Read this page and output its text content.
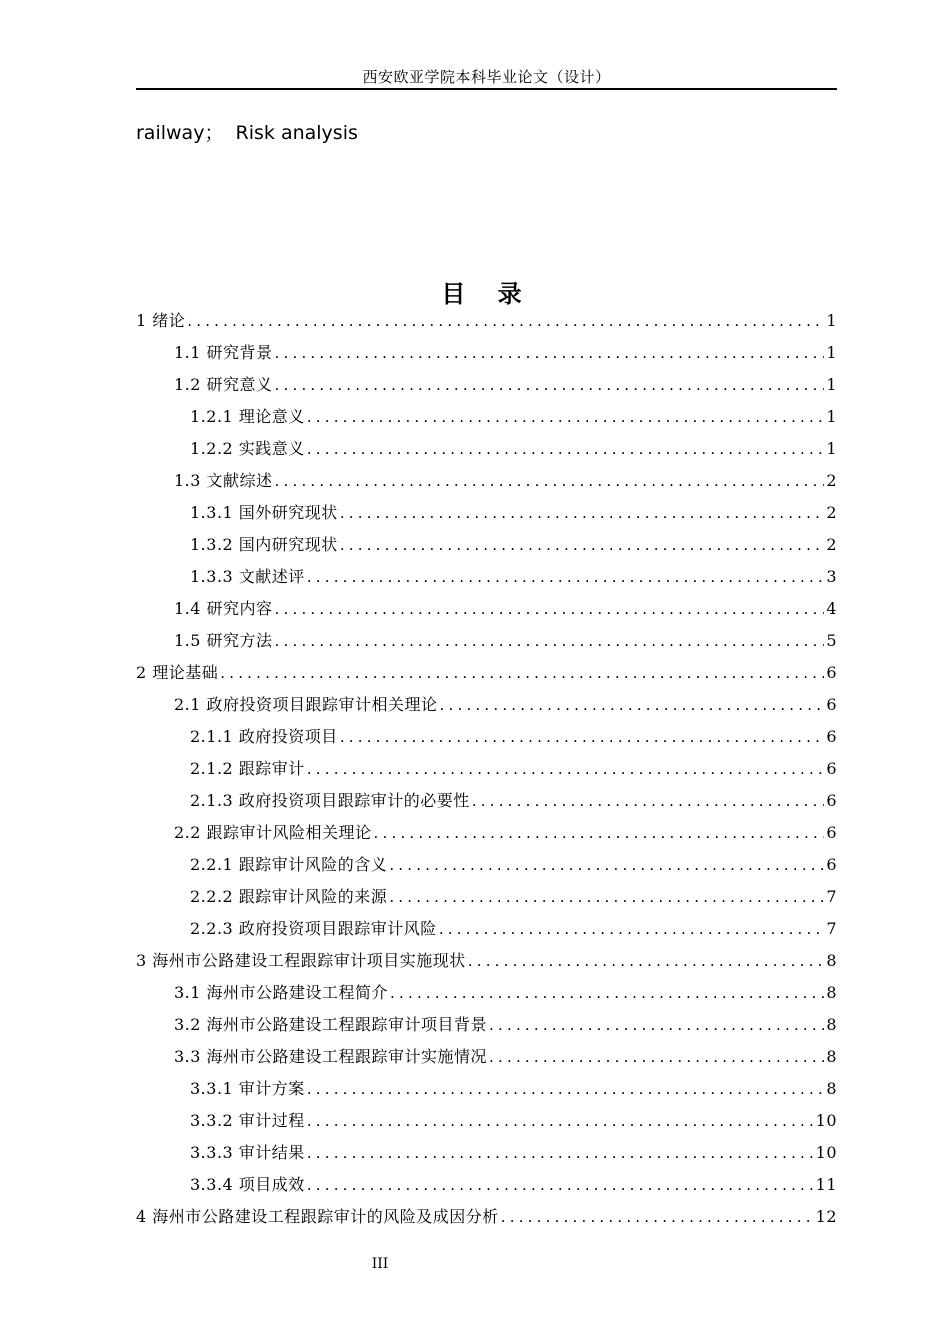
西安欧亚学院本科毕业论文（设计）
railway；  Risk analysis
目 录
1 绪论 .....	1
1.1 研究背景 .....	1
1.2 研究意义 .....	1
1.2.1 理论意义 .....	1
1.2.2 实践意义 .....	1
1.3 文献综述 .....	2
1.3.1 国外研究现状 .....	2
1.3.2 国内研究现状 .....	2
1.3.3 文献述评 .....	3
1.4 研究内容 .....	4
1.5 研究方法 .....	5
2 理论基础 .....	6
2.1 政府投资项目跟踪审计相关理论 .....	6
2.1.1 政府投资项目 .....	6
2.1.2 跟踪审计 .....	6
2.1.3 政府投资项目跟踪审计的必要性 .....	6
2.2 跟踪审计风险相关理论 .....	6
2.2.1 跟踪审计风险的含义 .....	6
2.2.2 跟踪审计风险的来源 .....	7
2.2.3 政府投资项目跟踪审计风险 .....	7
3 海州市公路建设工程跟踪审计项目实施现状 .....	8
3.1 海州市公路建设工程简介 .....	8
3.2 海州市公路建设工程跟踪审计项目背景 .....	8
3.3 海州市公路建设工程跟踪审计实施情况 .....	8
3.3.1 审计方案 .....	8
3.3.2 审计过程 .....	10
3.3.3 审计结果 .....	10
3.3.4 项目成效 .....	11
4 海州市公路建设工程跟踪审计的风险及成因分析 .....	12
III
